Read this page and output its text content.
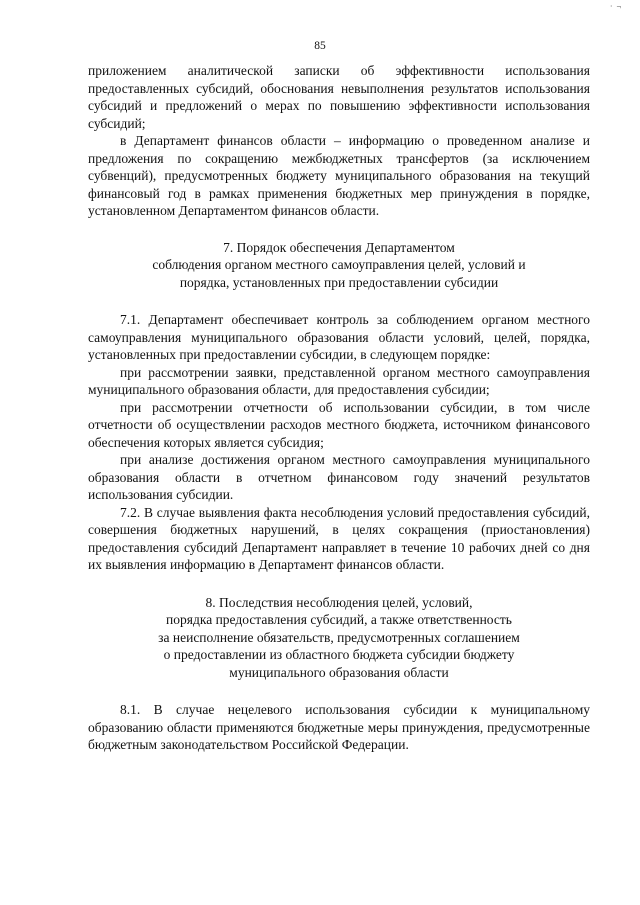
· ¬
85

приложением аналитической записки об эффективности использования предоставленных субсидий, обоснования невыполнения результатов использования субсидий и предложений о мерах по повышению эффективности использования субсидий;

в Департамент финансов области – информацию о проведенном анализе и предложения по сокращению межбюджетных трансфертов (за исключением субвенций), предусмотренных бюджету муниципального образования на текущий финансовый год в рамках применения бюджетных мер принуждения в порядке, установленном Департаментом финансов области.

7. Порядок обеспечения Департаментом
соблюдения органом местного самоуправления целей, условий и
порядка, установленных при предоставлении субсидии

7.1. Департамент обеспечивает контроль за соблюдением органом местного самоуправления муниципального образования области условий, целей, порядка, установленных при предоставлении субсидии, в следующем порядке:

при рассмотрении заявки, представленной органом местного самоуправления муниципального образования области, для предоставления субсидии;

при рассмотрении отчетности об использовании субсидии, в том числе отчетности об осуществлении расходов местного бюджета, источником финансового обеспечения которых является субсидия;

при анализе достижения органом местного самоуправления муниципального образования области в отчетном финансовом году значений результатов использования субсидии.

7.2. В случае выявления факта несоблюдения условий предоставления субсидий, совершения бюджетных нарушений, в целях сокращения (приостановления) предоставления субсидий Департамент направляет в течение 10 рабочих дней со дня их выявления информацию в Департамент финансов области.

8. Последствия несоблюдения целей, условий,
порядка предоставления субсидий, а также ответственность
за неисполнение обязательств, предусмотренных соглашением
о предоставлении из областного бюджета субсидии бюджету
муниципального образования области

8.1. В случае нецелевого использования субсидии к муниципальному образованию области применяются бюджетные меры принуждения, предусмотренные бюджетным законодательством Российской Федерации.
